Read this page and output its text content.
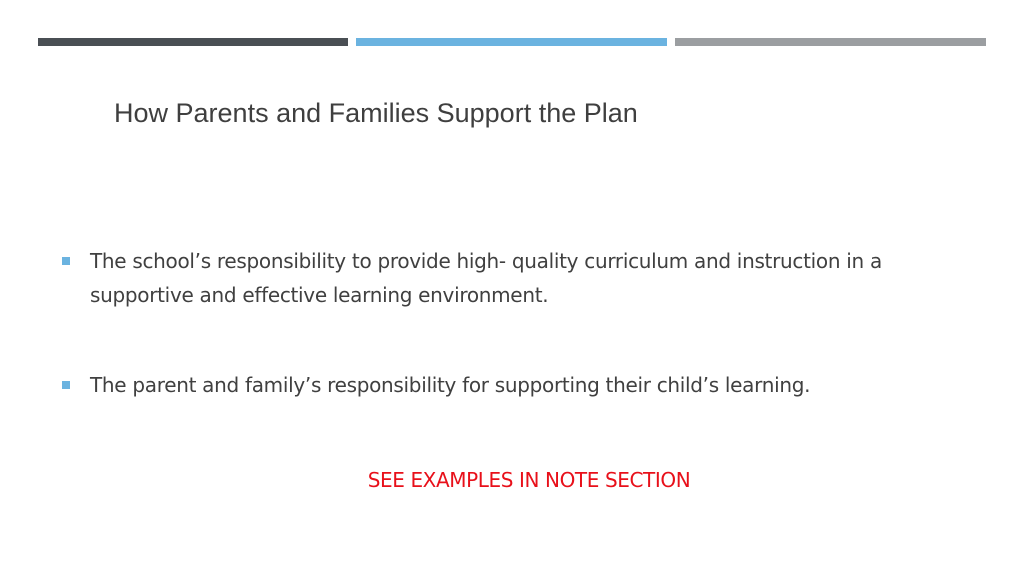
How Parents and Families Support the Plan
The school’s responsibility to provide high- quality curriculum and instruction in a supportive and effective learning environment.
The parent and family’s responsibility for supporting their child’s learning.

SEE EXAMPLES IN NOTE SECTION
